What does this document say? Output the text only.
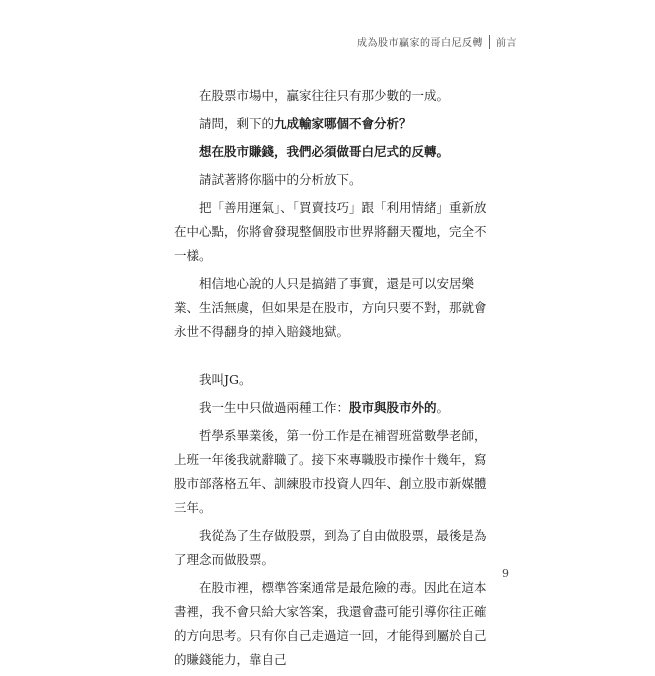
成為股市贏家的哥白尼反轉 前言

在股票市場中，贏家往往只有那少數的一成。

請問，剩下的九成輸家哪個不會分析？

想在股市賺錢，我們必須做哥白尼式的反轉。

請試著將你腦中的分析放下。

把「善用運氣」、「買賣技巧」跟「利用情緒」重新放在中心點，你將會發現整個股市世界將翻天覆地，完全不一樣。

相信地心說的人只是搞錯了事實，還是可以安居樂業、生活無虞，但如果是在股市，方向只要不對，那就會永世不得翻身的掉入賠錢地獄。

我叫JG。

我一生中只做過兩種工作：股市與股市外的。

哲學系畢業後，第一份工作是在補習班當數學老師，上班一年後我就辭職了。接下來專職股市操作十幾年，寫股市部落格五年、訓練股市投資人四年、創立股市新媒體三年。

我從為了生存做股票，到為了自由做股票，最後是為了理念而做股票。

在股市裡，標準答案通常是最危險的毒。因此在這本書裡，我不會只給大家答案，我還會盡可能引導你往正確的方向思考。只有你自己走過這一回，才能得到屬於自己的賺錢能力，靠自己

9
